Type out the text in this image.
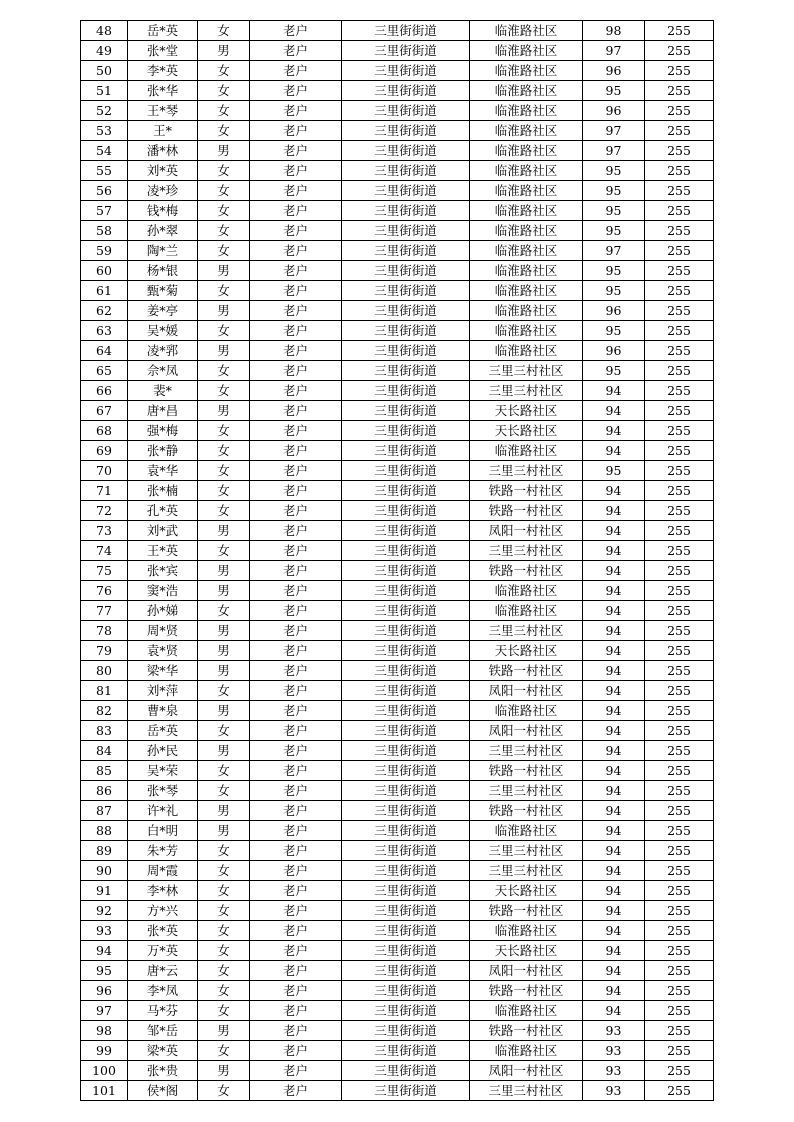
48	岳*英	女	老户	三里街街道	临淮路社区	98	255
49	张*堂	男	老户	三里街街道	临淮路社区	97	255
50	李*英	女	老户	三里街街道	临淮路社区	96	255
51	张*华	女	老户	三里街街道	临淮路社区	95	255
52	王*琴	女	老户	三里街街道	临淮路社区	96	255
53	王*	女	老户	三里街街道	临淮路社区	97	255
54	潘*林	男	老户	三里街街道	临淮路社区	97	255
55	刘*英	女	老户	三里街街道	临淮路社区	95	255
56	凌*珍	女	老户	三里街街道	临淮路社区	95	255
57	钱*梅	女	老户	三里街街道	临淮路社区	95	255
58	孙*翠	女	老户	三里街街道	临淮路社区	95	255
59	陶*兰	女	老户	三里街街道	临淮路社区	97	255
60	杨*银	男	老户	三里街街道	临淮路社区	95	255
61	甄*菊	女	老户	三里街街道	临淮路社区	95	255
62	姜*亭	男	老户	三里街街道	临淮路社区	96	255
63	吴*媛	女	老户	三里街街道	临淮路社区	95	255
64	凌*郛	男	老户	三里街街道	临淮路社区	96	255
65	佘*凤	女	老户	三里街街道	三里三村社区	95	255
66	裴*	女	老户	三里街街道	三里三村社区	94	255
67	唐*昌	男	老户	三里街街道	天长路社区	94	255
68	强*梅	女	老户	三里街街道	天长路社区	94	255
69	张*静	女	老户	三里街街道	临淮路社区	94	255
70	袁*华	女	老户	三里街街道	三里三村社区	95	255
71	张*楠	女	老户	三里街街道	铁路一村社区	94	255
72	孔*英	女	老户	三里街街道	铁路一村社区	94	255
73	刘*武	男	老户	三里街街道	凤阳一村社区	94	255
74	王*英	女	老户	三里街街道	三里三村社区	94	255
75	张*宾	男	老户	三里街街道	铁路一村社区	94	255
76	窦*浩	男	老户	三里街街道	临淮路社区	94	255
77	孙*娣	女	老户	三里街街道	临淮路社区	94	255
78	周*贤	男	老户	三里街街道	三里三村社区	94	255
79	袁*贤	男	老户	三里街街道	天长路社区	94	255
80	梁*华	男	老户	三里街街道	铁路一村社区	94	255
81	刘*萍	女	老户	三里街街道	凤阳一村社区	94	255
82	曹*泉	男	老户	三里街街道	临淮路社区	94	255
83	岳*英	女	老户	三里街街道	凤阳一村社区	94	255
84	孙*民	男	老户	三里街街道	三里三村社区	94	255
85	吴*荣	女	老户	三里街街道	铁路一村社区	94	255
86	张*琴	女	老户	三里街街道	三里三村社区	94	255
87	许*礼	男	老户	三里街街道	铁路一村社区	94	255
88	白*明	男	老户	三里街街道	临淮路社区	94	255
89	朱*芳	女	老户	三里街街道	三里三村社区	94	255
90	周*霞	女	老户	三里街街道	三里三村社区	94	255
91	李*林	女	老户	三里街街道	天长路社区	94	255
92	方*兴	女	老户	三里街街道	铁路一村社区	94	255
93	张*英	女	老户	三里街街道	临淮路社区	94	255
94	万*英	女	老户	三里街街道	天长路社区	94	255
95	唐*云	女	老户	三里街街道	凤阳一村社区	94	255
96	李*凤	女	老户	三里街街道	铁路一村社区	94	255
97	马*芬	女	老户	三里街街道	临淮路社区	94	255
98	邹*岳	男	老户	三里街街道	铁路一村社区	93	255
99	梁*英	女	老户	三里街街道	临淮路社区	93	255
100	张*贵	男	老户	三里街街道	凤阳一村社区	93	255
101	侯*阁	女	老户	三里街街道	三里三村社区	93	255
